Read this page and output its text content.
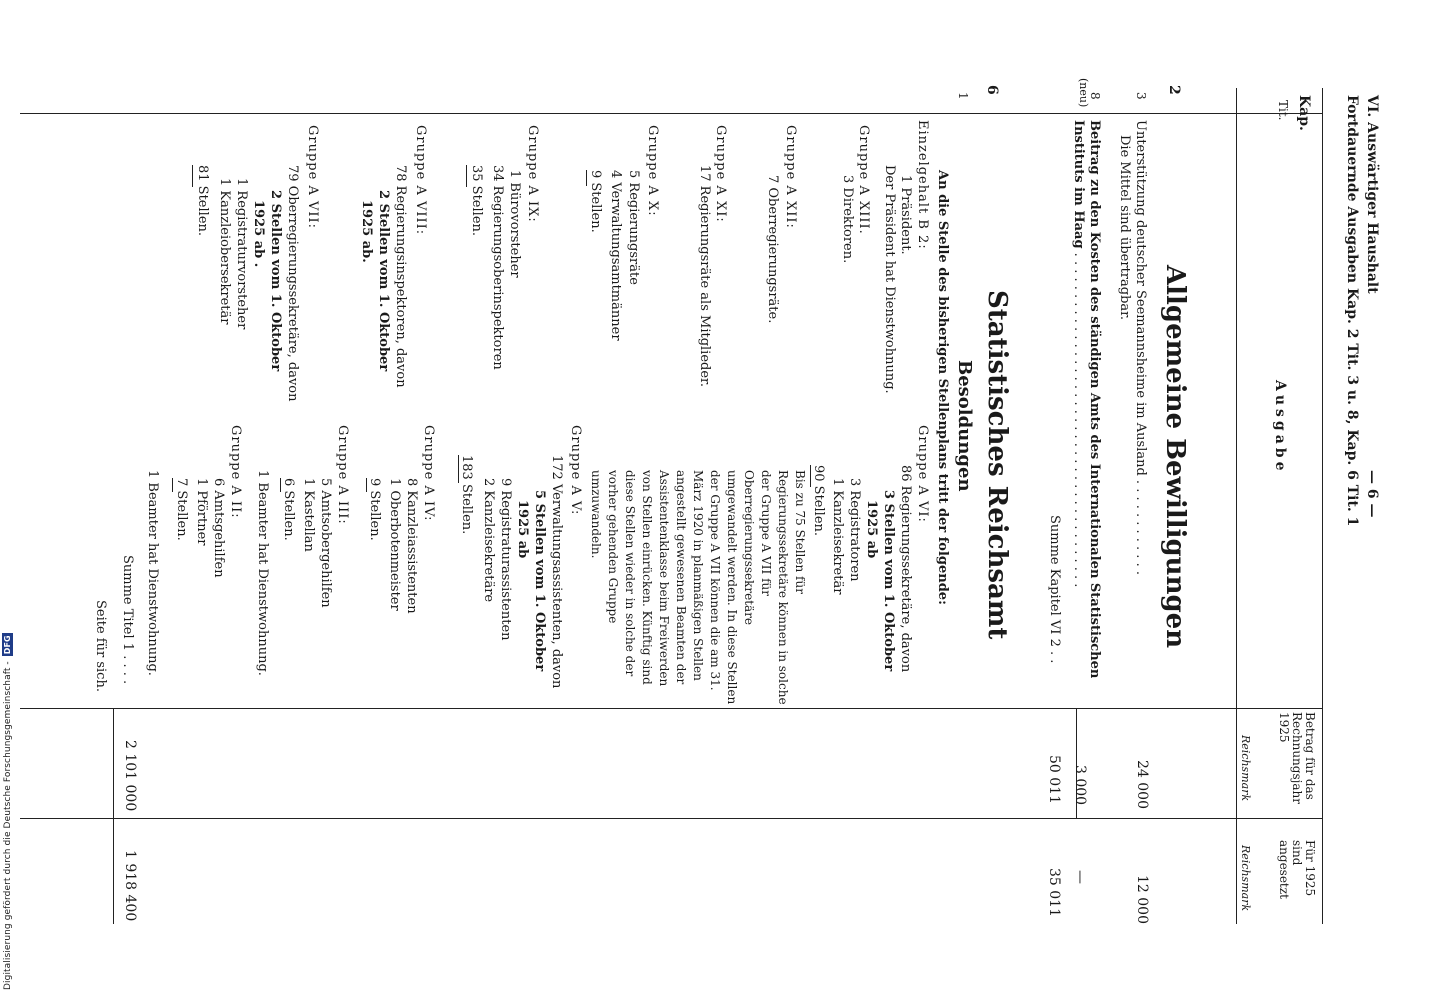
Digitalisierung gefördert durch die Deutsche Forschungsgemeinschaft - DFG
VI. Auswärtiger Haushalt
— 6 —
Fortdauernde Ausgaben Kap. 2 Tit. 3 u. 8, Kap. 6 Tit. 1
Kap.
Tit.
Ausgabe
Betrag für das Rechnungsjahr 1925
Reichsmark
Für 1925 sind angesetzt
Reichsmark
2
Allgemeine Bewilligungen
3
Unterstützung deutscher Seemannsheime im Ausland . . . . . . . . . . . .
Die Mittel sind übertragbar.
24 000
12 000
8
(neu)
Beitrag zu den Kosten des ständigen Amts des Internationalen Statistischen
Instituts im Haag . . . . . . . . . . . . . . . . . . . . . . . . . . . . . . . . . . . . . . . . .
3 000
—
Summe Kapitel VI 2 . .
50 011
35 011
6
1
Statistisches Reichsamt
Besoldungen
An die Stelle des bisherigen Stellenplans tritt der folgende:
Einzelgehalt B 2:
1 Präsident.
Der Präsident hat Dienstwohnung.
Gruppe A XIII.
3 Direktoren.
Gruppe A XII:
7 Oberregierungsräte.
Gruppe A XI:
17 Regierungsräte als Mitglieder.
Gruppe A X:
5 Regierungsräte
4 Verwaltungsamtmänner
9 Stellen.
Gruppe A IX:
1 Bürovorsteher
34 Regierungsoberinspektoren
35 Stellen.
Gruppe A VIII:
78 Regierungsinspektoren, davon
2 Stellen vom 1. Oktober
1925 ab.
Gruppe A VII:
79 Oberregierungssekretäre, davon
2 Stellen vom 1. Oktober
1925 ab .
1 Registraturvorsteher
1 Kanzleiobersekretär
81 Stellen.
Gruppe A VI:
86 Regierungssekretäre, davon
3 Stellen vom 1. Oktober
1925 ab
3 Registratoren
1 Kanzleisekretär
90 Stellen.
Bis zu 75 Stellen für Regierungssekretäre können in solche der Gruppe A VII für Oberregierungssekretäre umgewandelt werden. In diese Stellen der Gruppe A VII können die am 31. März 1920 in planmäßigen Stellen angestellt gewesenen Beamten der Assistentenklasse beim Freiwerden von Stellen einrücken. Künftig sind diese Stellen wieder in solche der vorher gehenden Gruppe umzuwandeln.
Gruppe A V:
172 Verwaltungsassistenten, davon
5 Stellen vom 1. Oktober
1925 ab
9 Registraturassistenten
2 Kanzleisekretäre
183 Stellen.
Gruppe A IV:
8 Kanzleiassistenten
1 Oberbotenmeister
9 Stellen.
Gruppe A III:
5 Amtsobergehilfen
1 Kastellan
6 Stellen.
1 Beamter hat Dienstwohnung.
Gruppe A II:
6 Amtsgehilfen
1 Pförtner
7 Stellen.
1 Beamter hat Dienstwohnung.
Summe Titel 1 . . . .
2 101 000
1 918 400
Seite für sich.
